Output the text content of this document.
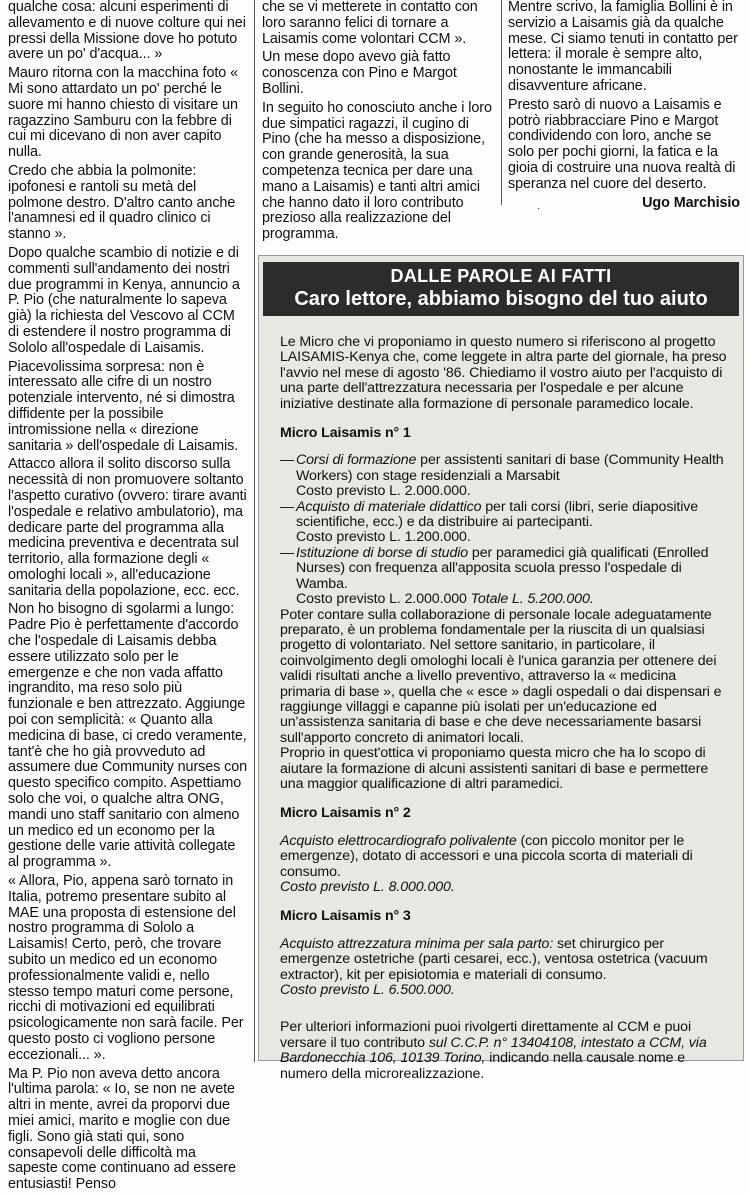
qualche cosa: alcuni esperimenti di allevamento e di nuove colture qui nei pressi della Missione dove ho potuto avere un po' d'acqua... »

Mauro ritorna con la macchina foto « Mi sono attardato un po' perché le suore mi hanno chiesto di visitare un ragazzino Samburu con la febbre di cui mi dicevano di non aver capito nulla.

Credo che abbia la polmonite: ipofonesi e rantoli su metà del polmone destro. D'altro canto anche l'anamnesi ed il quadro clinico ci stanno ».

Dopo qualche scambio di notizie e di commenti sull'andamento dei nostri due programmi in Kenya, annuncio a P. Pio (che naturalmente lo sapeva già) la richiesta del Vescovo al CCM di estendere il nostro programma di Sololo all'ospedale di Laisamis.

Piacevolissima sorpresa: non è interessato alle cifre di un nostro potenziale intervento, né si dimostra diffidente per la possibile intromissione nella « direzione sanitaria » dell'ospedale di Laisamis.

Attacco allora il solito discorso sulla necessità di non promuovere soltanto l'aspetto curativo (ovvero: tirare avanti l'ospedale e relativo ambulatorio), ma dedicare parte del programma alla medicina preventiva e decentrata sul territorio, alla formazione degli « omologhi locali », all'educazione sanitaria della popolazione, ecc. ecc.

Non ho bisogno di sgolarmi a lungo: Padre Pio è perfettamente d'accordo che l'ospedale di Laisamis debba essere utilizzato solo per le emergenze e che non vada affatto ingrandito, ma reso solo più funzionale e ben attrezzato. Aggiunge poi con semplicità: « Quanto alla medicina di base, ci credo veramente, tant'è che ho già provveduto ad assumere due Community nurses con questo specifico compito. Aspettiamo solo che voi, o qualche altra ONG, mandi uno staff sanitario con almeno un medico ed un economo per la gestione delle varie attività collegate al programma ».

« Allora, Pio, appena sarò tornato in Italia, potremo presentare subito al MAE una proposta di estensione del nostro programma di Sololo a Laisamis! Certo, però, che trovare subito un medico ed un economo professionalmente validi e, nello stesso tempo maturi come persone, ricchi di motivazioni ed equilibrati psicologicamente non sarà facile. Per questo posto ci vogliono persone eccezionali... ».

Ma P. Pio non aveva detto ancora l'ultima parola: « Io, se non ne avete altri in mente, avrei da proporvi due miei amici, marito e moglie con due figli. Sono già stati qui, sono consapevoli delle difficoltà ma sapeste come continuano ad essere entusiasti! Penso

che se vi metterete in contatto con loro saranno felici di tornare a Laisamis come volontari CCM ».

Un mese dopo avevo già fatto conoscenza con Pino e Margot Bollini.

In seguito ho conosciuto anche i loro due simpatici ragazzi, il cugino di Pino (che ha messo a disposizione, con grande generosità, la sua competenza tecnica per dare una mano a Laisamis) e tanti altri amici che hanno dato il loro contributo prezioso alla realizzazione del programma.

Mentre scrivo, la famiglia Bollini è in servizio a Laisamis già da qualche mese. Ci siamo tenuti in contatto per lettera: il morale è sempre alto, nonostante le immancabili disavventure africane.

Presto sarò di nuovo a Laisamis e potrò riabbracciare Pino e Margot condividendo con loro, anche se solo per pochi giorni, la fatica e la gioia di costruire una nuova realtà di speranza nel cuore del deserto.

Ugo Marchisio
·
DALLE PAROLE AI FATTI
Caro lettore, abbiamo bisogno del tuo aiuto

Le Micro che vi proponiamo in questo numero si riferiscono al progetto LAISAMIS-Kenya che, come leggete in altra parte del giornale, ha preso l'avvio nel mese di agosto '86. Chiediamo il vostro aiuto per l'acquisto di una parte dell'attrezzatura necessaria per l'ospedale e per alcune iniziative destinate alla formazione di personale paramedico locale.

Micro Laisamis n° 1

— Corsi di formazione per assistenti sanitari di base (Community Health Workers) con stage residenziali a Marsabit
Costo previsto L. 2.000.000.
— Acquisto di materiale didattico per tali corsi (libri, serie diapositive scientifiche, ecc.) e da distribuire ai partecipanti.
Costo previsto L. 1.200.000.
— Istituzione di borse di studio per paramedici già qualificati (Enrolled Nurses) con frequenza all'apposita scuola presso l'ospedale di Wamba.
Costo previsto L. 2.000.000 Totale L. 5.200.000.

Poter contare sulla collaborazione di personale locale adeguatamente preparato, è un problema fondamentale per la riuscita di un qualsiasi progetto di volontariato. Nel settore sanitario, in particolare, il coinvolgimento degli omologhi locali è l'unica garanzia per ottenere dei validi risultati anche a livello preventivo, attraverso la « medicina primaria di base », quella che « esce » dagli ospedali o dai dispensari e raggiunge villaggi e capanne più isolati per un'educazione ed un'assistenza sanitaria di base e che deve necessariamente basarsi sull'apporto concreto di animatori locali.

Proprio in quest'ottica vi proponiamo questa micro che ha lo scopo di aiutare la formazione di alcuni assistenti sanitari di base e permettere una maggior qualificazione di altri paramedici.

Micro Laisamis n° 2

Acquisto elettrocardiografo polivalente (con piccolo monitor per le emergenze), dotato di accessori e una piccola scorta di materiali di consumo.
Costo previsto L. 8.000.000.

Micro Laisamis n° 3

Acquisto attrezzatura minima per sala parto: set chirurgico per emergenze ostetriche (parti cesarei, ecc.), ventosa ostetrica (vacuum extractor), kit per episiotomia e materiali di consumo.
Costo previsto L. 6.500.000.

Per ulteriori informazioni puoi rivolgerti direttamente al CCM e puoi versare il tuo contributo sul C.C.P. n° 13404108, intestato a CCM, via Bardonecchia 106, 10139 Torino, indicando nella causale nome e numero della microrealizzazione.
